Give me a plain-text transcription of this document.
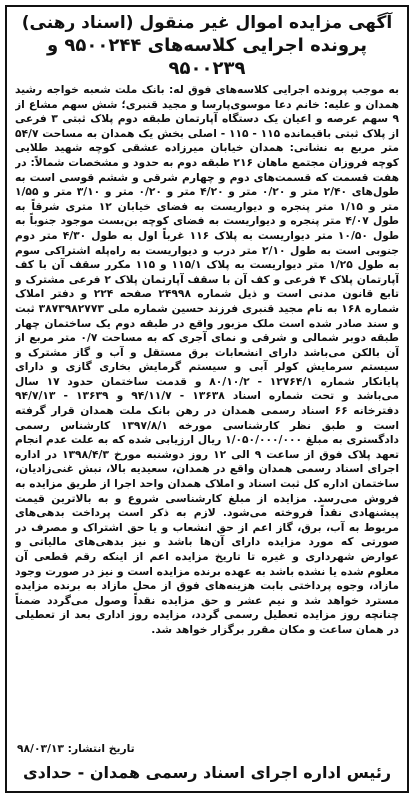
آگهی مزایده اموال غیر منقول (اسناد رهنی)
پرونده اجرایی کلاسه‌های ۹۵۰۰۲۴۴ و ۹۵۰۰۲۳۹

به موجب پرونده اجرایی کلاسه‌های فوق له: بانک ملت شعبه خواجه رشید همدان و علیه: خانم دعا موسوی‌پارسا و مجید قنبری؛ شش سهم مشاع از ۹ سهم عرصه و اعیان یک دستگاه آپارتمان طبقه دوم پلاک ثبتی ۳ فرعی از پلاک ثبتی باقیمانده ۱۱۵ - ۱۱۵ - اصلی بخش یک همدان به مساحت ۵۴/۷ متر مربع به نشانی: همدان خیابان میرزاده عشقی کوچه شهید طلایی کوچه فروزان مجتمع ماهان ۲۱۶ طبقه دوم به حدود و مشخصات شمالاً: در هفت قسمت که قسمت‌های دوم و چهارم شرقی و ششم قوسی است به طول‌های ۲/۴۰ متر و ۰/۲۰ متر و ۴/۲۰ متر و ۰/۲۰ متر و ۳/۱۰ متر و ۱/۵۵ متر و ۱/۱۵ متر پنجره و دیواریست به فضای خیابان ۱۲ متری شرقاً به طول ۴/۰۷ متر پنجره و دیواریست به فضای کوچه بن‌بست موجود جنوباً به طول ۱۰/۵۰ متر دیواریست به پلاک ۱۱۶ غرباً اول به طول ۴/۳۰ متر دوم جنوبی است به طول ۲/۱۰ متر درب و دیواریست به راه‌پله اشتراکی سوم به طول ۱/۲۵ متر دیواریست به پلاک ۱۱۵/۱ و ۱۱۵ مکرر سقف آن با کف آپارتمان پلاک ۴ فرعی و کف آن با سقف آپارتمان پلاک ۲ فرعی مشترک و تابع قانون مدنی است و ذیل شماره ۲۴۹۹۸ صفحه ۲۲۴ و دفتر املاک شماره ۱۶۸ به نام مجید قنبری فرزند حسین شماره ملی ۳۸۷۳۹۸۲۷۷۳ ثبت و سند صادر شده است ملک مزبور واقع در طبقه دوم یک ساختمان چهار طبقه دوبر شمالی و شرقی و نمای آجری که به مساحت ۰/۷ متر مربع از آن بالکن می‌باشد دارای انشعابات برق مستقل و آب و گاز مشترک و سیستم سرمایش کولر آبی و سیستم گرمایش بخاری گازی و دارای پایانکار شماره ۱۲۷۶۴/۱ - ۸۰/۱۰/۲ و قدمت ساختمان حدود ۱۷ سال می‌باشد و تحت شماره اسناد ۱۳۶۳۸ - ۹۴/۱۱/۷ و ۱۳۶۳۹ - ۹۴/۷/۱۳ دفترخانه ۶۶ اسناد رسمی همدان در رهن بانک ملت همدان قرار گرفته است و طبق نظر کارشناسی مورخه ۱۳۹۷/۸/۱ کارشناس رسمی دادگستری به مبلغ ۱/۰۵۰/۰۰۰/۰۰۰ ریال ارزیابی شده که به علت عدم انجام تعهد پلاک فوق از ساعت ۹ الی ۱۲ روز دوشنبه مورخ ۱۳۹۸/۴/۳ در اداره اجرای اسناد رسمی همدان واقع در همدان، سعیدیه بالا، نبش غنی‌زادیان، ساختمان اداره کل ثبت اسناد و املاک همدان واحد اجرا از طریق مزایده به فروش می‌رسد. مزایده از مبلغ کارشناسی شروع و به بالاترین قیمت پیشنهادی نقداً فروخته می‌شود. لازم به ذکر است پرداخت بدهی‌های مربوط به آب، برق، گاز اعم از حق انشعاب و یا حق اشتراک و مصرف در صورتی که مورد مزایده دارای آن‌ها باشد و نیز بدهی‌های مالیاتی و عوارض شهرداری و غیره تا تاریخ مزایده اعم از اینکه رقم قطعی آن معلوم شده یا نشده باشد به عهده برنده مزایده است و نیز در صورت وجود مازاد، وجوه پرداختی بابت هزینه‌های فوق از محل مازاد به برنده مزایده مسترد خواهد شد و نیم عشر و حق مزایده نقداً وصول می‌گردد ضمناً چنانچه روز مزایده تعطیل رسمی گردد، مزایده روز اداری بعد از تعطیلی در همان ساعت و مکان مقرر برگزار خواهد شد.

تاریخ انتشار: ۹۸/۰۳/۱۳
رئیس اداره اجرای اسناد رسمی همدان - حدادی
